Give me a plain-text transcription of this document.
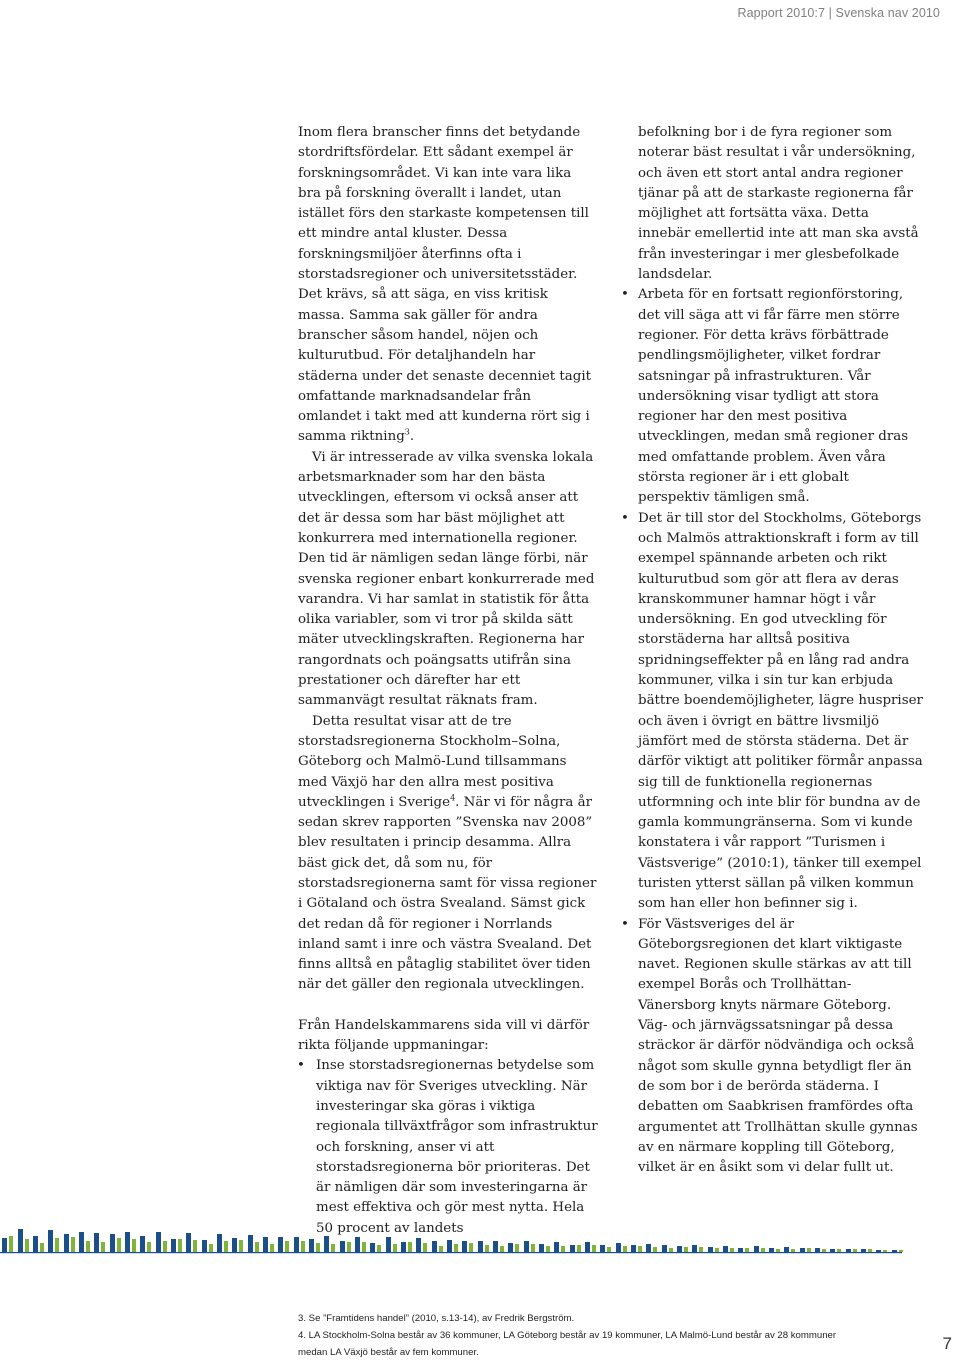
Rapport 2010:7 | Svenska nav 2010

Inom flera branscher finns det betydande stordriftsfördelar. Ett sådant exempel är forskningsområdet. Vi kan inte vara lika bra på forskning överallt i landet, utan istället förs den starkaste kompetensen till ett mindre antal kluster. Dessa forskningsmiljöer återfinns ofta i storstadsregioner och universitetsstäder. Det krävs, så att säga, en viss kritisk massa. Samma sak gäller för andra branscher såsom handel, nöjen och kulturutbud. För detaljhandeln har städerna under det senaste decenniet tagit omfattande marknadsandelar från omlandet i takt med att kunderna rört sig i samma riktning$^3$.

Vi är intresserade av vilka svenska lokala arbetsmarknader som har den bästa utvecklingen, eftersom vi också anser att det är dessa som har bäst möjlighet att konkurrera med internationella regioner. Den tid är nämligen sedan länge förbi, när svenska regioner enbart konkurrerade med varandra. Vi har samlat in statistik för åtta olika variabler, som vi tror på skilda sätt mäter utvecklingskraften. Regionerna har rangordnats och poängsatts utifrån sina prestationer och därefter har ett sammanvägt resultat räknats fram.

Detta resultat visar att de tre storstadsregionerna Stockholm–Solna, Göteborg och Malmö-Lund tillsammans med Växjö har den allra mest positiva utvecklingen i Sverige$^4$. När vi för några år sedan skrev rapporten ”Svenska nav 2008” blev resultaten i princip desamma. Allra bäst gick det, då som nu, för storstadsregionerna samt för vissa regioner i Götaland och östra Svealand. Sämst gick det redan då för regioner i Norrlands inland samt i inre och västra Svealand. Det finns alltså en påtaglig stabilitet över tiden när det gäller den regionala utvecklingen.

Från Handelskammarens sida vill vi därför rikta följande uppmaningar:

• Inse storstadsregionernas betydelse som viktiga nav för Sveriges utveckling. När investeringar ska göras i viktiga regionala tillväxtfrågor som infrastruktur och forskning, anser vi att storstadsregionerna bör prioriteras. Det är nämligen där som investeringarna är mest effektiva och gör mest nytta. Hela 50 procent av landets

befolkning bor i de fyra regioner som noterar bäst resultat i vår undersökning, och även ett stort antal andra regioner tjänar på att de starkaste regionerna får möjlighet att fortsätta växa. Detta innebär emellertid inte att man ska avstå från investeringar i mer glesbefolkade landsdelar.

• Arbeta för en fortsatt regionförstoring, det vill säga att vi får färre men större regioner. För detta krävs förbättrade pendlingsmöjligheter, vilket fordrar satsningar på infrastrukturen. Vår undersökning visar tydligt att stora regioner har den mest positiva utvecklingen, medan små regioner dras med omfattande problem. Även våra största regioner är i ett globalt perspektiv tämligen små.
• Det är till stor del Stockholms, Göteborgs och Malmös attraktionskraft i form av till exempel spännande arbeten och rikt kulturutbud som gör att flera av deras kranskommuner hamnar högt i vår undersökning. En god utveckling för storstäderna har alltså positiva spridningseffekter på en lång rad andra kommuner, vilka i sin tur kan erbjuda bättre boendemöjligheter, lägre huspriser och även i övrigt en bättre livsmiljö jämfört med de största städerna. Det är därför viktigt att politiker förmår anpassa sig till de funktionella regionernas utformning och inte blir för bundna av de gamla kommungränserna. Som vi kunde konstatera i vår rapport ”Turismen i Västsverige” (2010:1), tänker till exempel turisten ytterst sällan på vilken kommun som han eller hon befinner sig i.
• För Västsveriges del är Göteborgsregionen det klart viktigaste navet. Regionen skulle stärkas av att till exempel Borås och Trollhättan-Vänersborg knyts närmare Göteborg. Väg- och järnvägssatsningar på dessa sträckor är därför nödvändiga och också något som skulle gynna betydligt fler än de som bor i de berörda städerna. I debatten om Saabkrisen framfördes ofta argumentet att Trollhättan skulle gynnas av en närmare koppling till Göteborg, vilket är en åsikt som vi delar fullt ut.

3. Se ”Framtidens handel” (2010, s.13-14), av Fredrik Bergström.

4. LA Stockholm-Solna består av 36 kommuner, LA Göteborg består av 19 kommuner, LA Malmö-Lund består av 28 kommuner

medan LA Växjö består av fem kommuner.	7
